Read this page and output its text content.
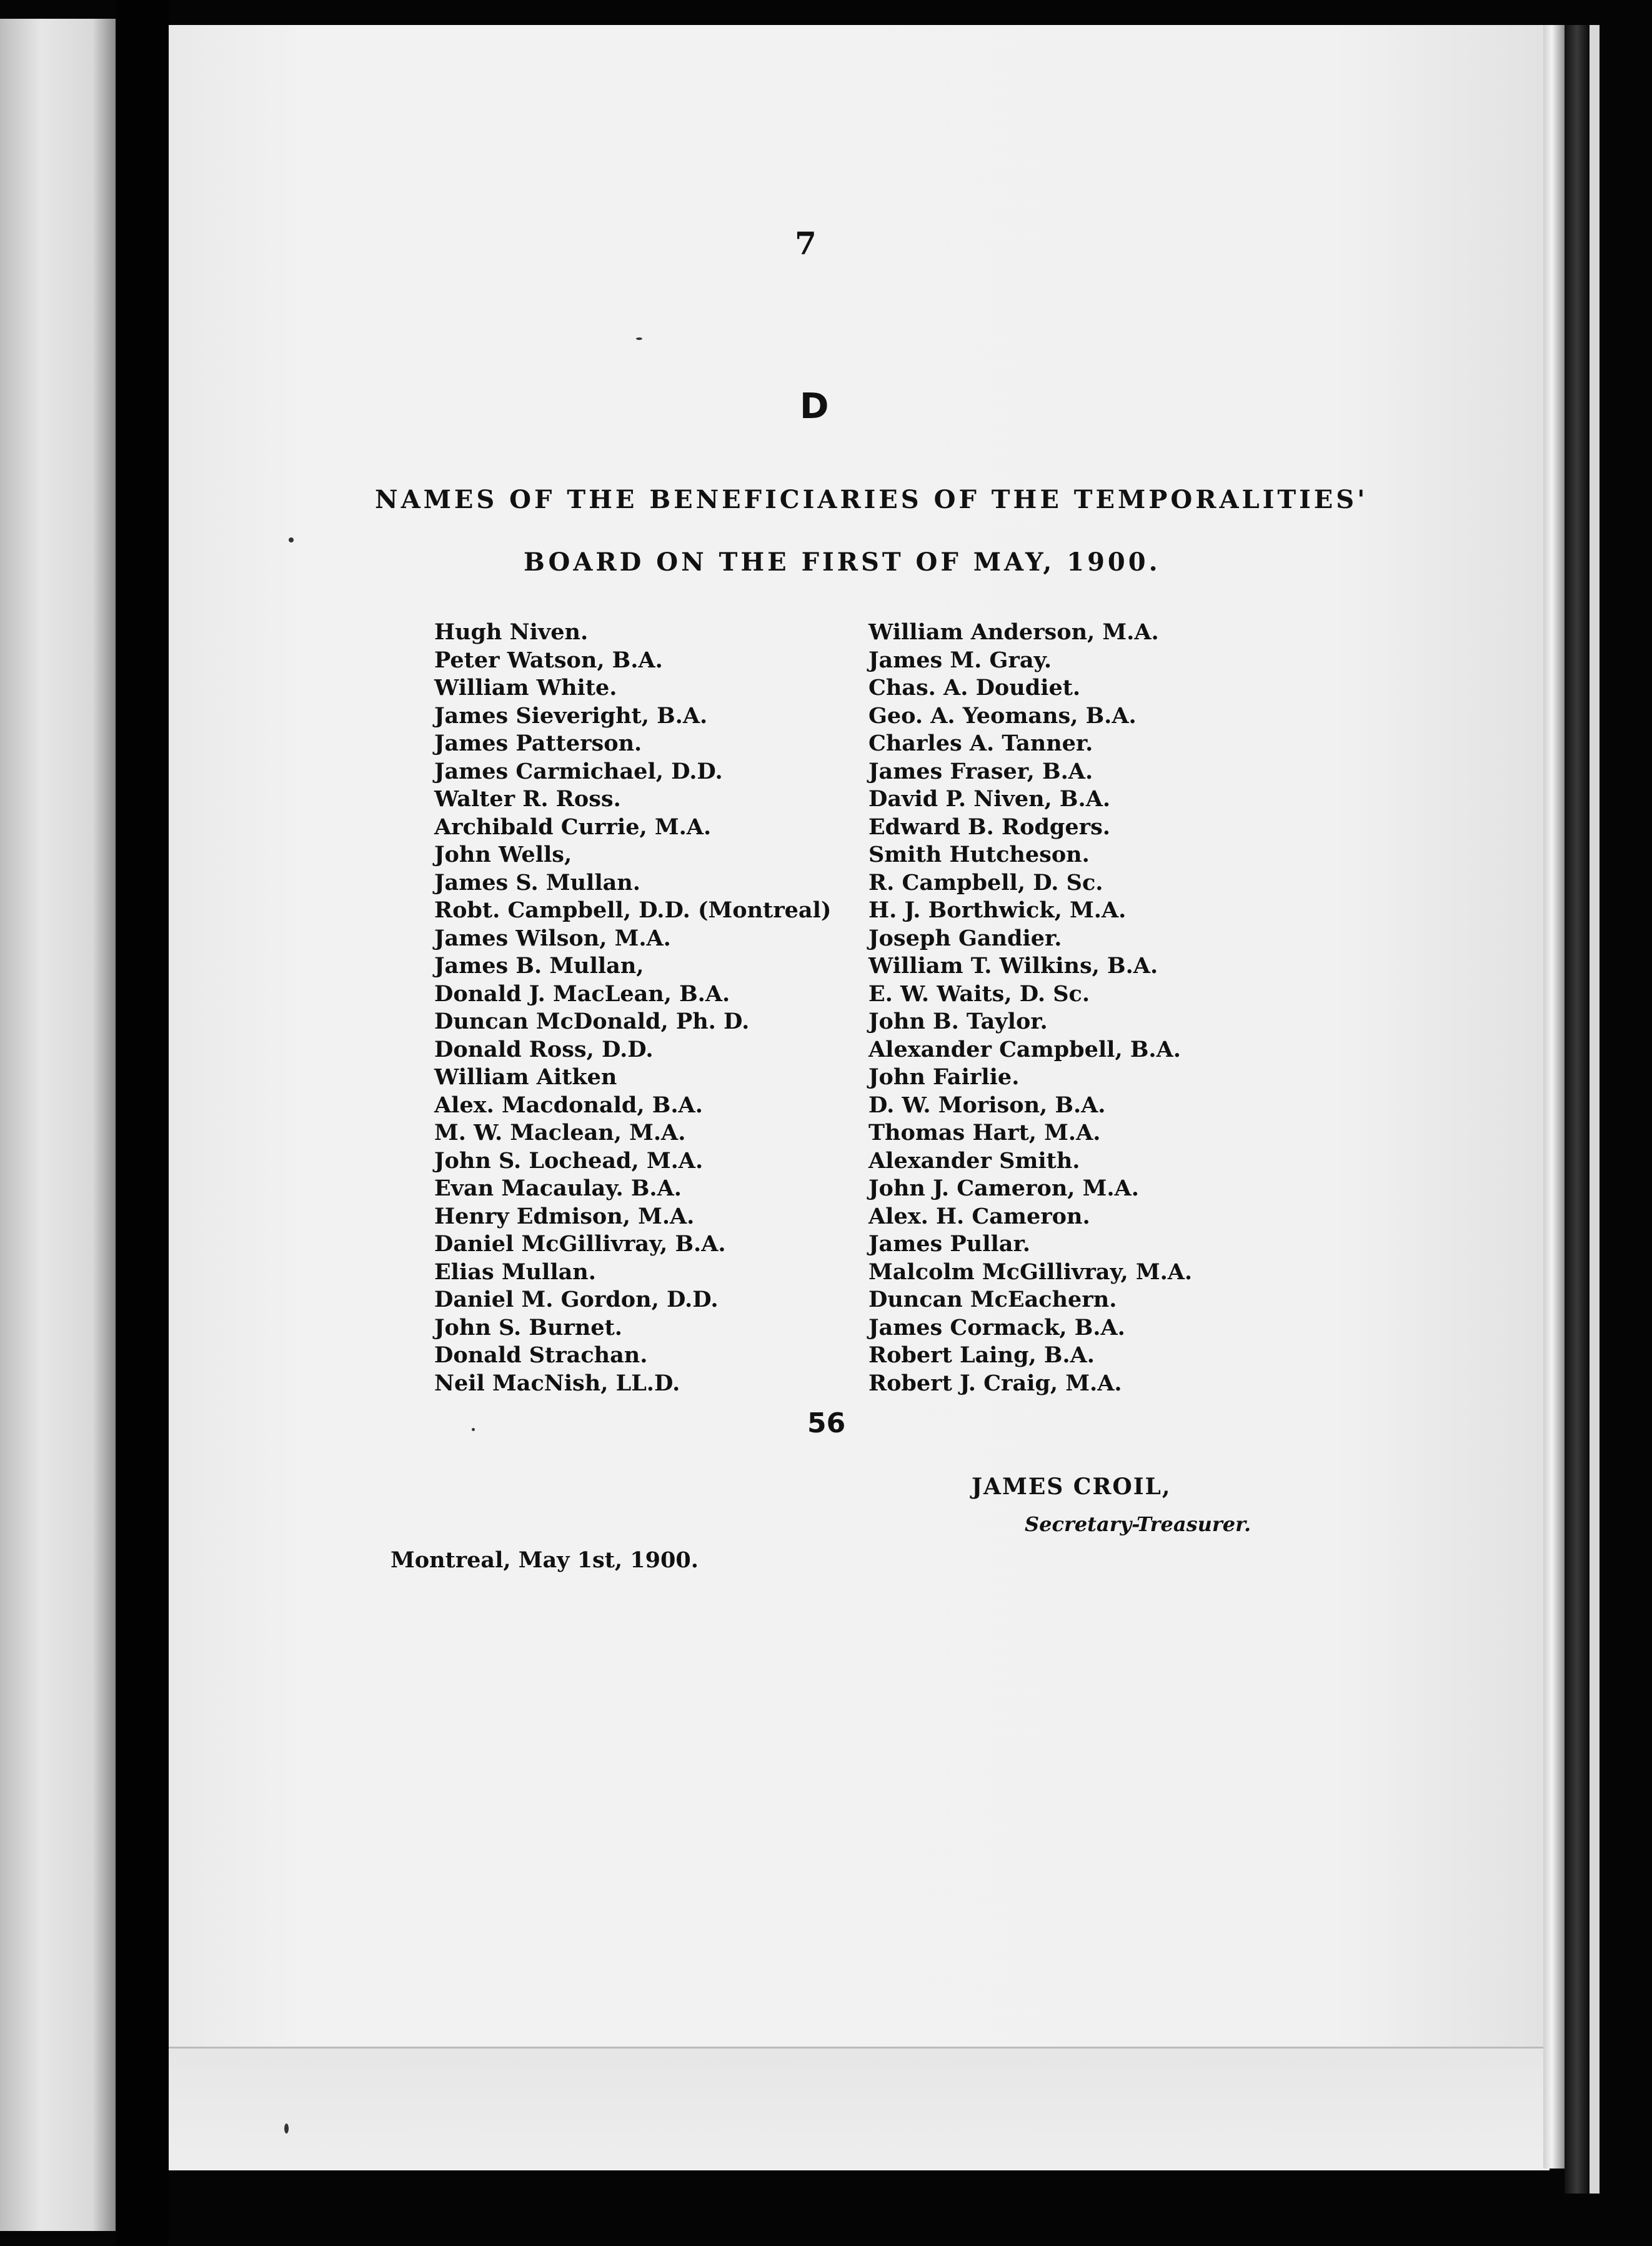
7

D

NAMES OF THE BENEFICIARIES OF THE TEMPORALITIES'

BOARD ON THE FIRST OF MAY, 1900.

Hugh Niven.
Peter Watson, B.A.
William White.
James Sieveright, B.A.
James Patterson.
James Carmichael, D.D.
Walter R. Ross.
Archibald Currie, M.A.
John Wells,
James S. Mullan.
Robt. Campbell, D.D. (Montreal)
James Wilson, M.A.
James B. Mullan,
Donald J. MacLean, B.A.
Duncan McDonald, Ph. D.
Donald Ross, D.D.
William Aitken
Alex. Macdonald, B.A.
M. W. Maclean, M.A.
John S. Lochead, M.A.
Evan Macaulay. B.A.
Henry Edmison, M.A.
Daniel McGillivray, B.A.
Elias Mullan.
Daniel M. Gordon, D.D.
John S. Burnet.
Donald Strachan.
Neil MacNish, LL.D.
William Anderson, M.A.
James M. Gray.
Chas. A. Doudiet.
Geo. A. Yeomans, B.A.
Charles A. Tanner.
James Fraser, B.A.
David P. Niven, B.A.
Edward B. Rodgers.
Smith Hutcheson.
R. Campbell, D. Sc.
H. J. Borthwick, M.A.
Joseph Gandier.
William T. Wilkins, B.A.
E. W. Waits, D. Sc.
John B. Taylor.
Alexander Campbell, B.A.
John Fairlie.
D. W. Morison, B.A.
Thomas Hart, M.A.
Alexander Smith.
John J. Cameron, M.A.
Alex. H. Cameron.
James Pullar.
Malcolm McGillivray, M.A.
Duncan McEachern.
James Cormack, B.A.
Robert Laing, B.A.
Robert J. Craig, M.A.

56

JAMES CROIL,

Secretary-Treasurer.

Montreal, May 1st, 1900.
